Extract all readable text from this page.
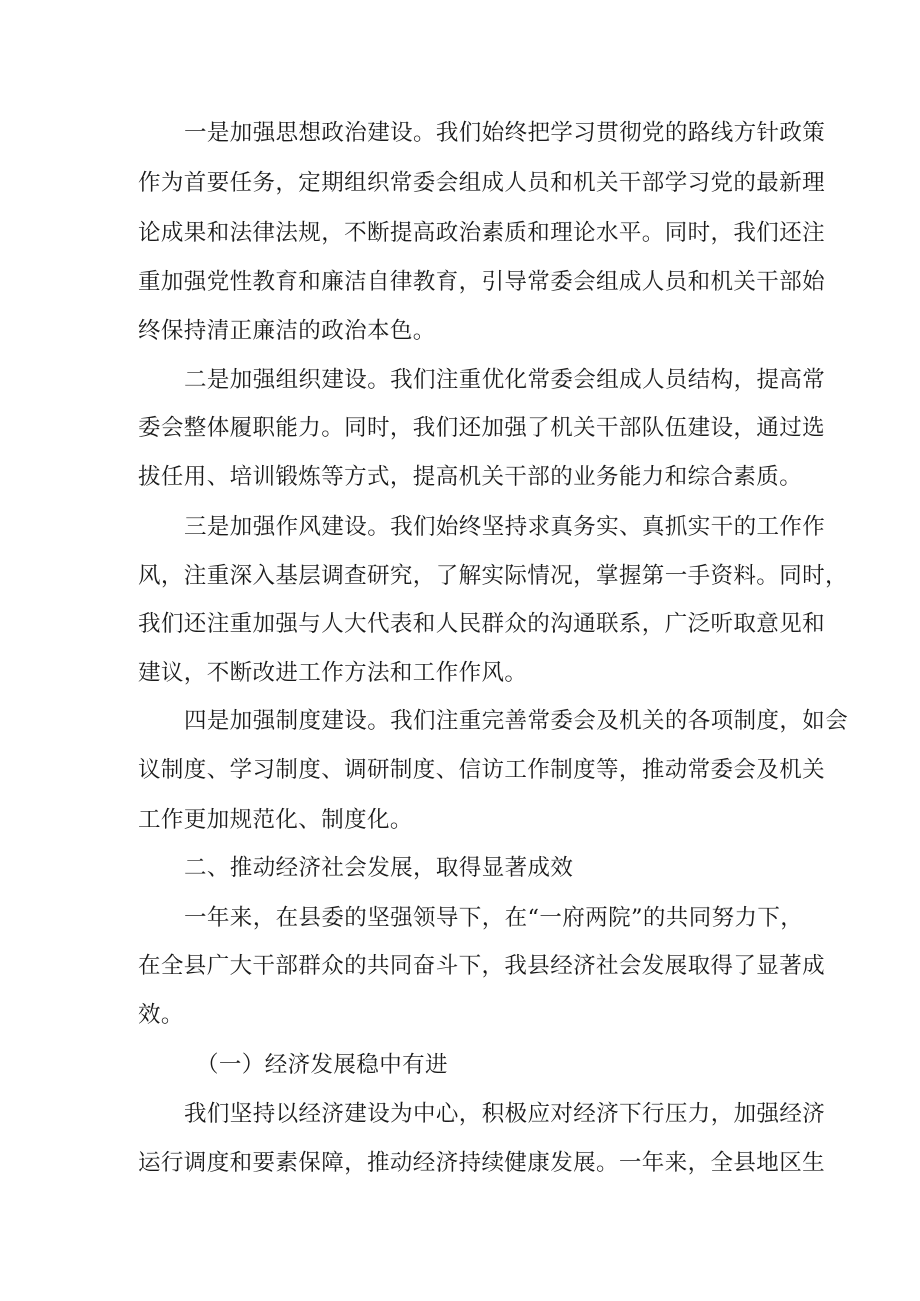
一是加强思想政治建设。我们始终把学习贯彻党的路线方针政策
作为首要任务，定期组织常委会组成人员和机关干部学习党的最新理
论成果和法律法规，不断提高政治素质和理论水平。同时，我们还注
重加强党性教育和廉洁自律教育，引导常委会组成人员和机关干部始
终保持清正廉洁的政治本色。
二是加强组织建设。我们注重优化常委会组成人员结构，提高常
委会整体履职能力。同时，我们还加强了机关干部队伍建设，通过选
拔任用、培训锻炼等方式，提高机关干部的业务能力和综合素质。
三是加强作风建设。我们始终坚持求真务实、真抓实干的工作作
风，注重深入基层调查研究，了解实际情况，掌握第一手资料。同时，
我们还注重加强与人大代表和人民群众的沟通联系，广泛听取意见和
建议，不断改进工作方法和工作作风。
四是加强制度建设。我们注重完善常委会及机关的各项制度，如会
议制度、学习制度、调研制度、信访工作制度等，推动常委会及机关
工作更加规范化、制度化。
二、推动经济社会发展，取得显著成效
一年来，在县委的坚强领导下，在“一府两院”的共同努力下，
在全县广大干部群众的共同奋斗下，我县经济社会发展取得了显著成
效。
（一）经济发展稳中有进
我们坚持以经济建设为中心，积极应对经济下行压力，加强经济
运行调度和要素保障，推动经济持续健康发展。一年来，全县地区生
